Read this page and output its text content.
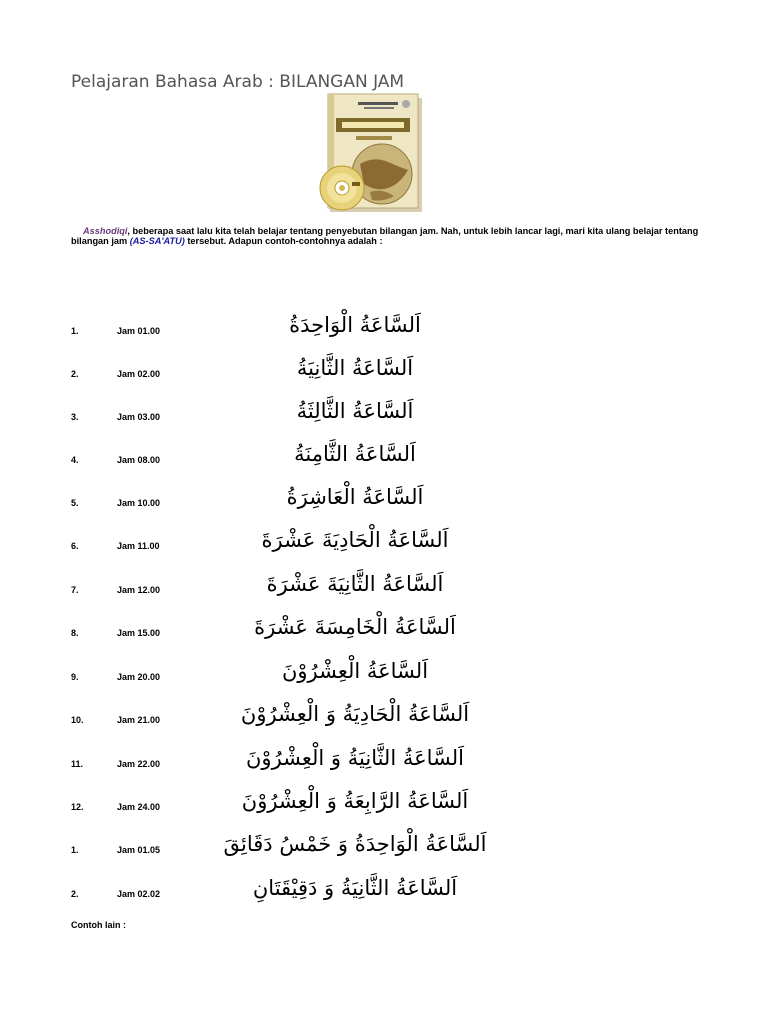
Pelajaran Bahasa Arab : BILANGAN JAM
Asshodiqi, beberapa saat lalu kita telah belajar tentang penyebutan bilangan jam. Nah, untuk lebih lancar lagi, mari kita ulang belajar tentang bilangan jam (AS-SA'ATU) tersebut. Adapun contoh-contohnya adalah :
1.	Jam 01.00	اَلسَّاعَةُ الْوَاحِدَةُ
2.	Jam 02.00	اَلسَّاعَةُ الثَّانِيَةُ
3.	Jam 03.00	اَلسَّاعَةُ الثَّالِثَةُ
4.	Jam 08.00	اَلسَّاعَةُ الثَّامِنَةُ
5.	Jam 10.00	اَلسَّاعَةُ الْعَاشِرَةُ
6.	Jam 11.00	اَلسَّاعَةُ الْحَادِيَةَ عَشْرَةَ
7.	Jam 12.00	اَلسَّاعَةُ الثَّانِيَةَ عَشْرَةَ
8.	Jam 15.00	اَلسَّاعَةُ الْخَامِسَةَ عَشْرَةَ
9.	Jam 20.00	اَلسَّاعَةُ الْعِشْرُوْنَ
10.	Jam 21.00	اَلسَّاعَةُ الْحَادِيَةُ وَ الْعِشْرُوْنَ
11.	Jam 22.00	اَلسَّاعَةُ الثَّانِيَةُ وَ الْعِشْرُوْنَ
12.	Jam 24.00	اَلسَّاعَةُ الرَّابِعَةُ وَ الْعِشْرُوْنَ
1.	Jam 01.05	اَلسَّاعَةُ الْوَاحِدَةُ وَ خَمْسُ دَقَائِقَ
2.	Jam 02.02	اَلسَّاعَةُ الثَّانِيَةُ وَ دَقِيْقَتَانِ
Contoh lain :
